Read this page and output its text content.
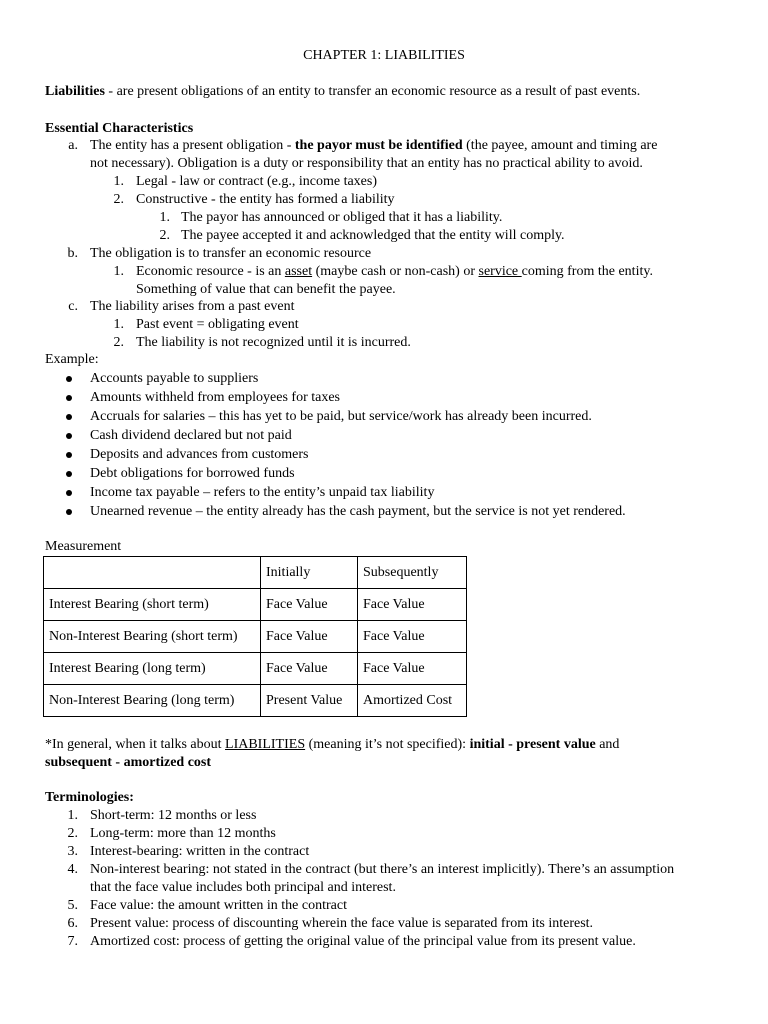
CHAPTER 1: LIABILITIES
Liabilities - are present obligations of an entity to transfer an economic resource as a result of past events.
Essential Characteristics
a. The entity has a present obligation - the payor must be identified (the payee, amount and timing are
not necessary). Obligation is a duty or responsibility that an entity has no practical ability to avoid.
1. Legal - law or contract (e.g., income taxes)
2. Constructive - the entity has formed a liability
1. The payor has announced or obliged that it has a liability.
2. The payee accepted it and acknowledged that the entity will comply.
b. The obligation is to transfer an economic resource
1. Economic resource - is an asset (maybe cash or non-cash) or service coming from the entity.
Something of value that can benefit the payee.
c. The liability arises from a past event
1. Past event = obligating event
2. The liability is not recognized until it is incurred.
Example:
Accounts payable to suppliers
Amounts withheld from employees for taxes
Accruals for salaries – this has yet to be paid, but service/work has already been incurred.
Cash dividend declared but not paid
Deposits and advances from customers
Debt obligations for borrowed funds
Income tax payable – refers to the entity’s unpaid tax liability
Unearned revenue – the entity already has the cash payment, but the service is not yet rendered.
Measurement
	Initially	Subsequently
Interest Bearing (short term)	Face Value	Face Value
Non-Interest Bearing (short term)	Face Value	Face Value
Interest Bearing (long term)	Face Value	Face Value
Non-Interest Bearing (long term)	Present Value	Amortized Cost
*In general, when it talks about LIABILITIES (meaning it’s not specified): initial - present value and
subsequent - amortized cost
Terminologies:
1. Short-term: 12 months or less
2. Long-term: more than 12 months
3. Interest-bearing: written in the contract
4. Non-interest bearing: not stated in the contract (but there’s an interest implicitly). There’s an assumption
that the face value includes both principal and interest.
5. Face value: the amount written in the contract
6. Present value: process of discounting wherein the face value is separated from its interest.
7. Amortized cost: process of getting the original value of the principal value from its present value.
